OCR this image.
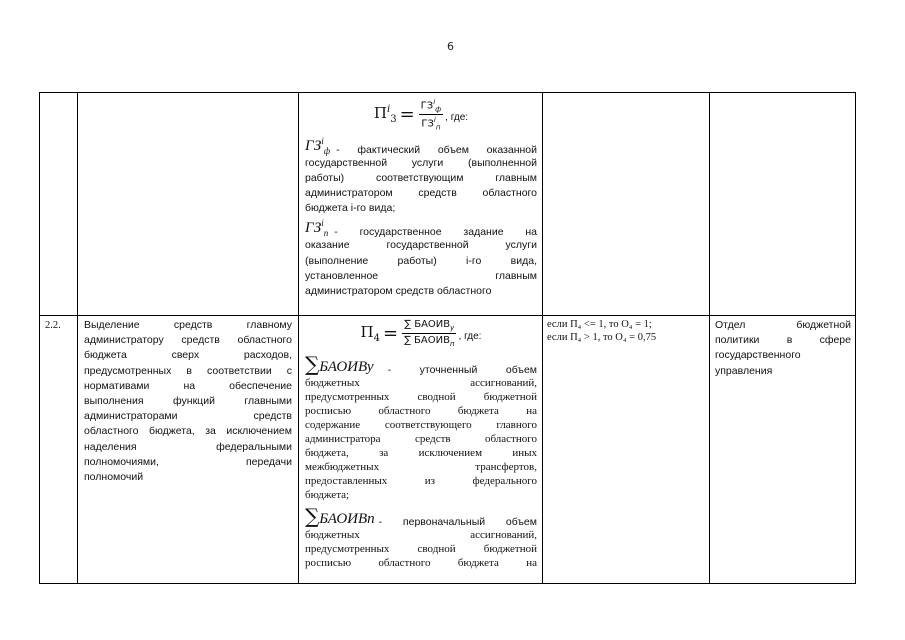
6
$П^i_3 = \frac{ГЗ^i_ф}{ГЗ^i_п}$ , где:
$ГЗ^i_ф$ - фактический объем оказанной
государственной услуги (выполненной
работы) соответствующим главным
администратором средств областного
бюджета i-го вида;
$ГЗ^i_п$ - государственное задание на
оказание государственной услуги
(выполнение работы) i-го вида,
установленное главным
администратором средств областного
2.2.	Выделение средств главному
администратору средств областного
бюджета сверх расходов,
предусмотренных в соответствии с
нормативами на обеспечение
выполнения функций главными
администраторами средств
областного бюджета, за исключением
наделения федеральными
полномочиями, передачи
полномочий
$П_4 = \frac{\sum БАОИВ_у}{\sum БАОИВ_п}$ , где:
∑БАОИВу - уточненный объем
бюджетных ассигнований,
предусмотренных сводной бюджетной
росписью областного бюджета на
содержание соответствующего главного
администратора средств областного
бюджета, за исключением иных
межбюджетных трансфертов,
предоставленных из федерального
бюджета;
∑БАОИВп - первоначальный объем
бюджетных ассигнований,
предусмотренных сводной бюджетной
росписью областного бюджета на
если П₄ <= 1, то О₄ = 1;
если П₄ > 1, то О₄ = 0,75
Отдел бюджетной
политики в сфере
государственного
управления
